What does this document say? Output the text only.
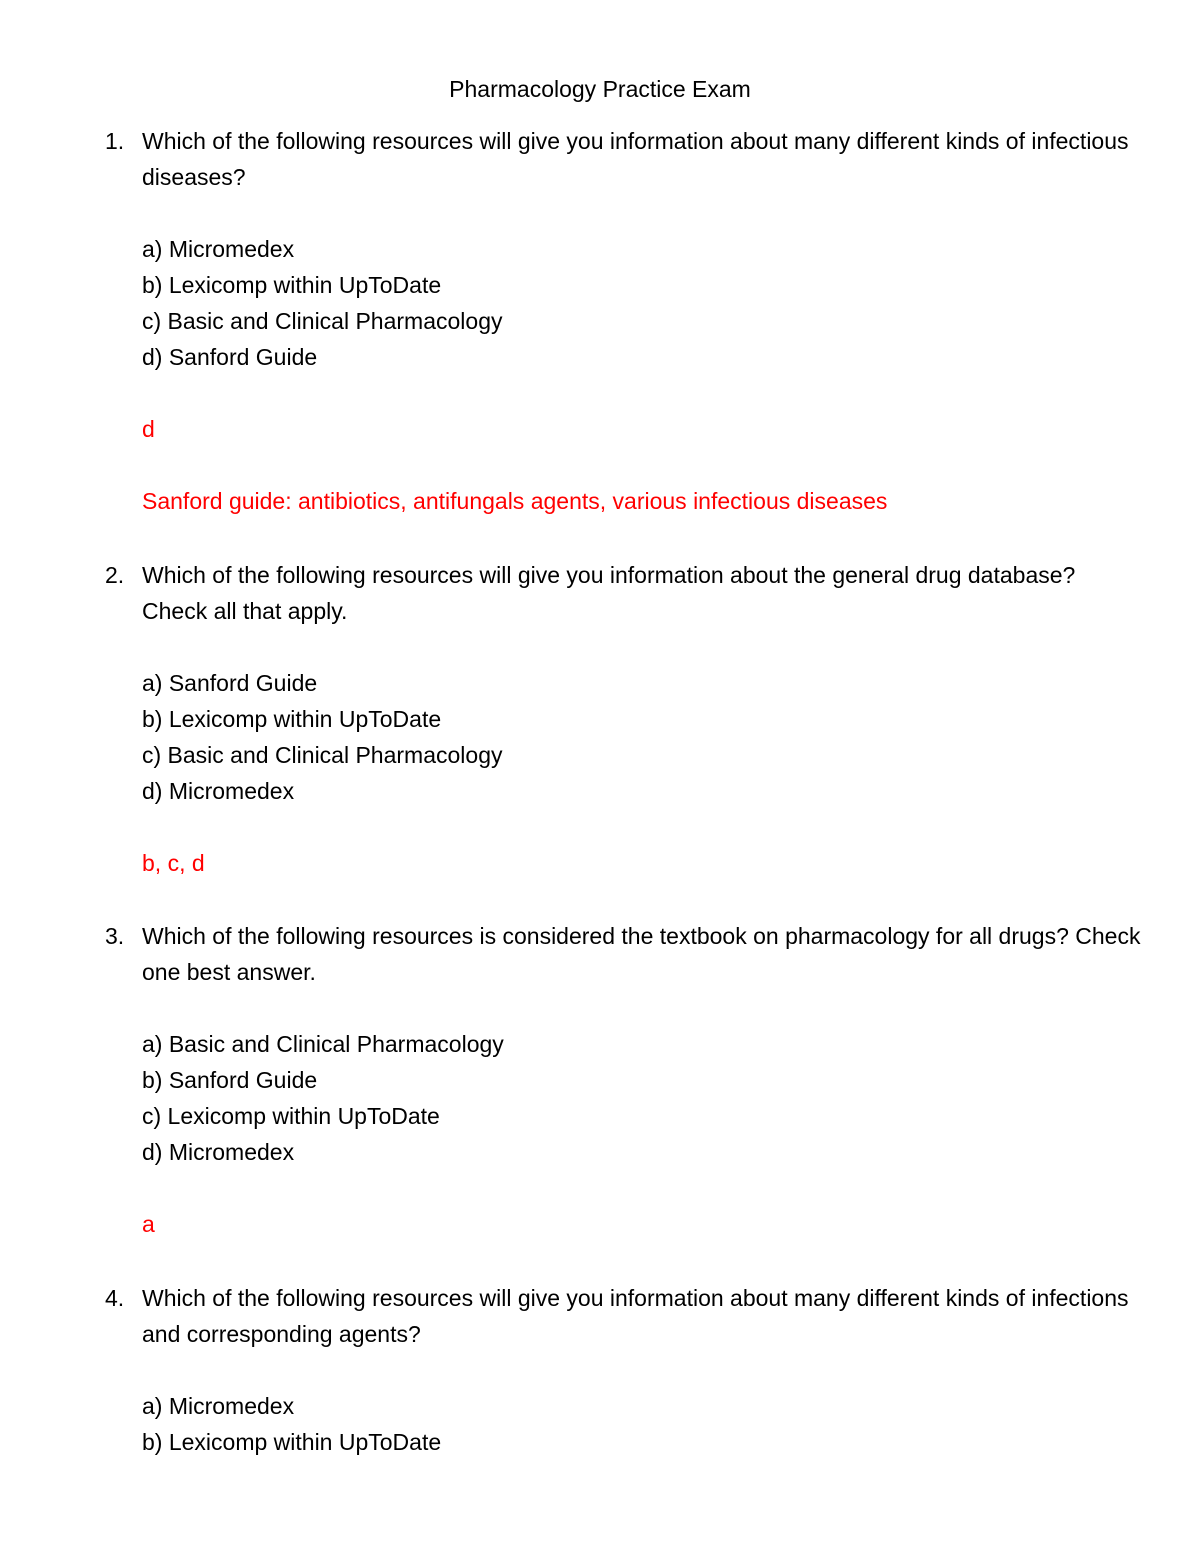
Pharmacology Practice Exam
1. Which of the following resources will give you information about many different kinds of infectious diseases?
a) Micromedex
b) Lexicomp within UpToDate
c) Basic and Clinical Pharmacology
d) Sanford Guide
d
Sanford guide: antibiotics, antifungals agents, various infectious diseases
2. Which of the following resources will give you information about the general drug database? Check all that apply.
a) Sanford Guide
b) Lexicomp within UpToDate
c) Basic and Clinical Pharmacology
d) Micromedex
b, c, d
3. Which of the following resources is considered the textbook on pharmacology for all drugs? Check one best answer.
a) Basic and Clinical Pharmacology
b) Sanford Guide
c) Lexicomp within UpToDate
d) Micromedex
a
4. Which of the following resources will give you information about many different kinds of infections and corresponding agents?
a) Micromedex
b) Lexicomp within UpToDate
